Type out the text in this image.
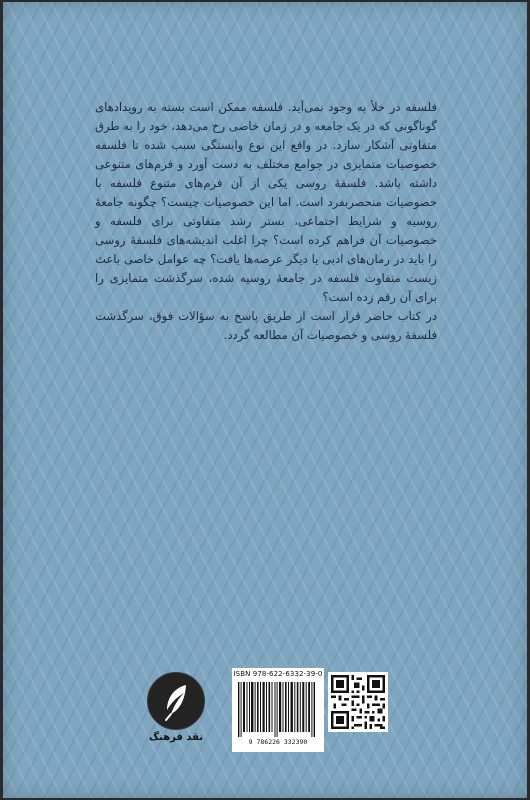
فلسفه در خلأ به وجود نمی‌آید. فلسفه ممکن است بسته به رویدادهای گوناگونی که در یک جامعه و در زمان خاصی رخ می‌دهد، خود را به طرق متفاوتی آشکار سازد. در واقع این نوع وابستگی سبب شده تا فلسفه خصوصیات متمایزی در جوامع مختلف به دست آورد و فرم‌های متنوعی داشته باشد. فلسفهٔ روسی یکی از آن فرم‌های متنوع فلسفه با خصوصیات منحصربفرد است. اما این خصوصیات چیست؟ چگونه جامعهٔ روسیه و شرایط اجتماعی، بستر رشد متفاوتی برای فلسفه و خصوصیات آن فراهم کرده است؟ چرا اغلب اندیشه‌های فلسفهٔ روسی را باید در رمان‌های ادبی یا دیگر عرصه‌ها یافت؟ چه عوامل خاصی باعث زیست متفاوت فلسفه در جامعهٔ روسیه شده، سرگذشت متمایزی را برای آن رقم زده است؟

در کتاب حاضر قرار است از طریق پاسخ به سؤالات فوق، سرگذشت فلسفهٔ روسی و خصوصیات آن مطالعه گردد.

نقد فرهنگ
ISBN 978-622-6332-39-0
9 786226 332390
